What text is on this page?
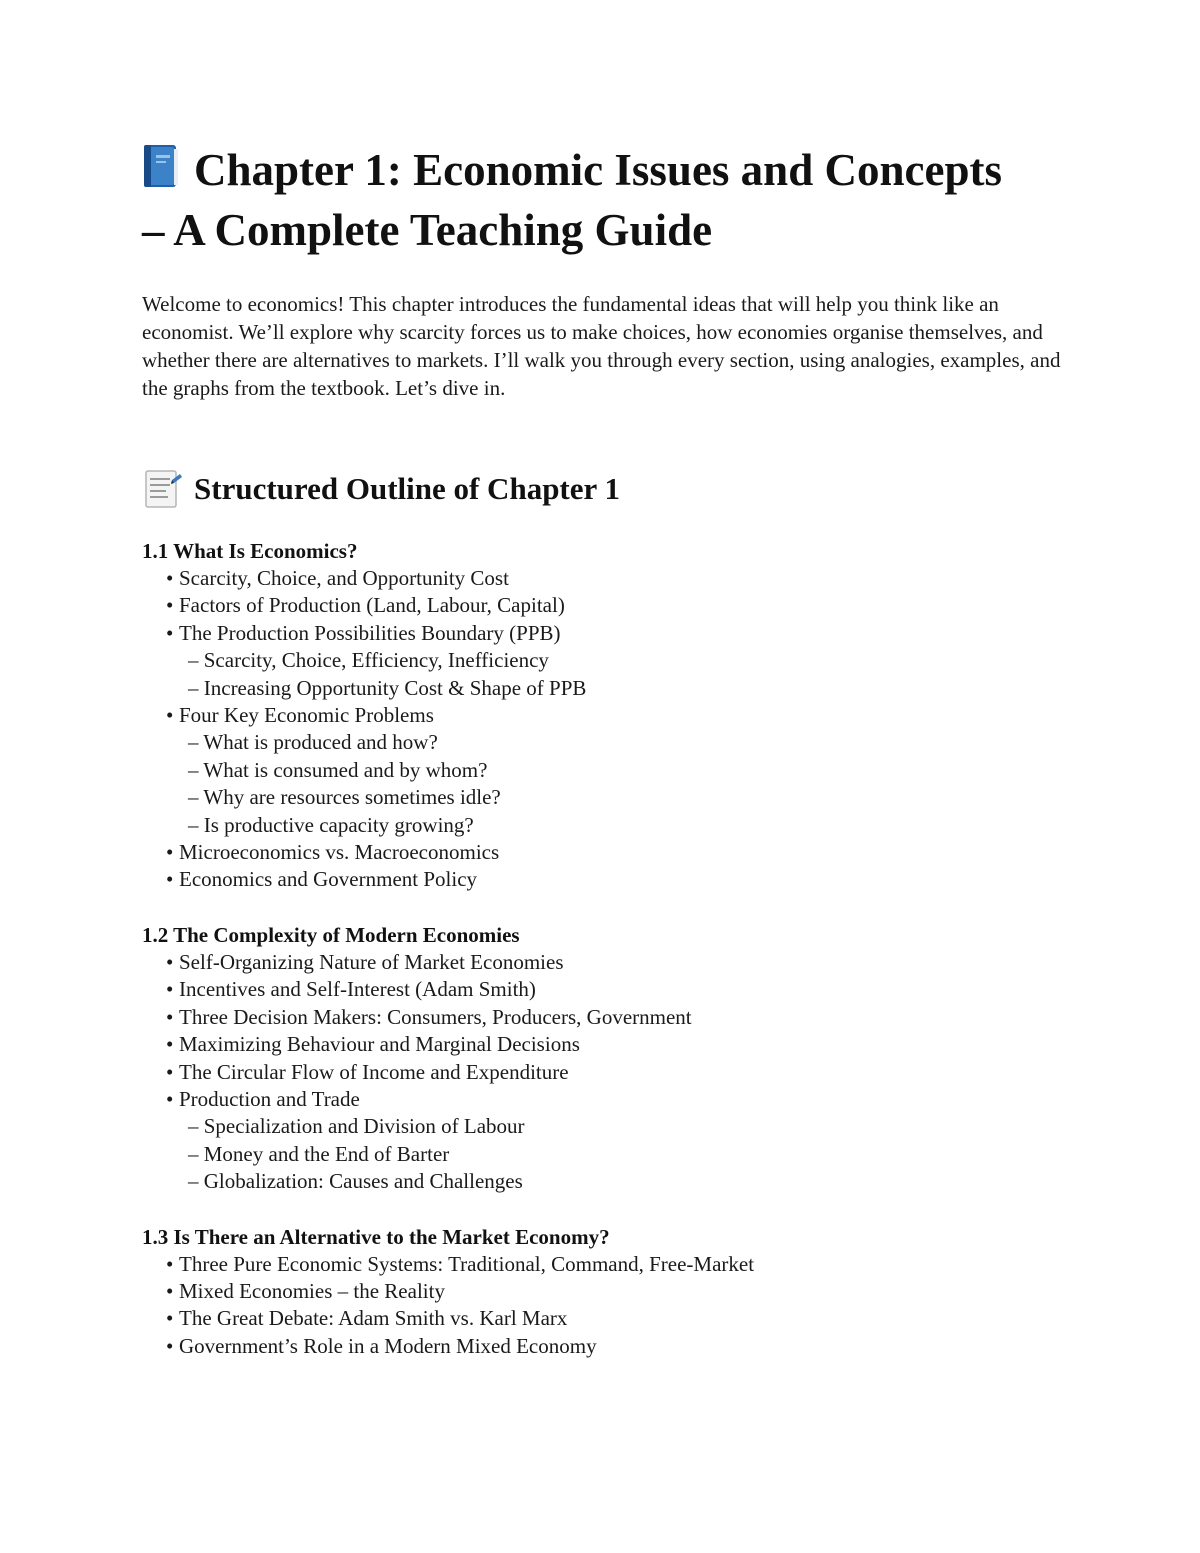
Chapter 1: Economic Issues and Concepts
– A Complete Teaching Guide

Welcome to economics! This chapter introduces the fundamental ideas that will help you think like an economist. We’ll explore why scarcity forces us to make choices, how economies organise themselves, and whether there are alternatives to markets. I’ll walk you through every section, using analogies, examples, and the graphs from the textbook. Let’s dive in.

Structured Outline of Chapter 1
1.1 What Is Economics?
• Scarcity, Choice, and Opportunity Cost
• Factors of Production (Land, Labour, Capital)
• The Production Possibilities Boundary (PPB)
– Scarcity, Choice, Efficiency, Inefficiency
– Increasing Opportunity Cost & Shape of PPB
• Four Key Economic Problems
– What is produced and how?
– What is consumed and by whom?
– Why are resources sometimes idle?
– Is productive capacity growing?
• Microeconomics vs. Macroeconomics
• Economics and Government Policy
1.2 The Complexity of Modern Economies
• Self-Organizing Nature of Market Economies
• Incentives and Self-Interest (Adam Smith)
• Three Decision Makers: Consumers, Producers, Government
• Maximizing Behaviour and Marginal Decisions
• The Circular Flow of Income and Expenditure
• Production and Trade
– Specialization and Division of Labour
– Money and the End of Barter
– Globalization: Causes and Challenges
1.3 Is There an Alternative to the Market Economy?
• Three Pure Economic Systems: Traditional, Command, Free-Market
• Mixed Economies – the Reality
• The Great Debate: Adam Smith vs. Karl Marx
• Government’s Role in a Modern Mixed Economy
